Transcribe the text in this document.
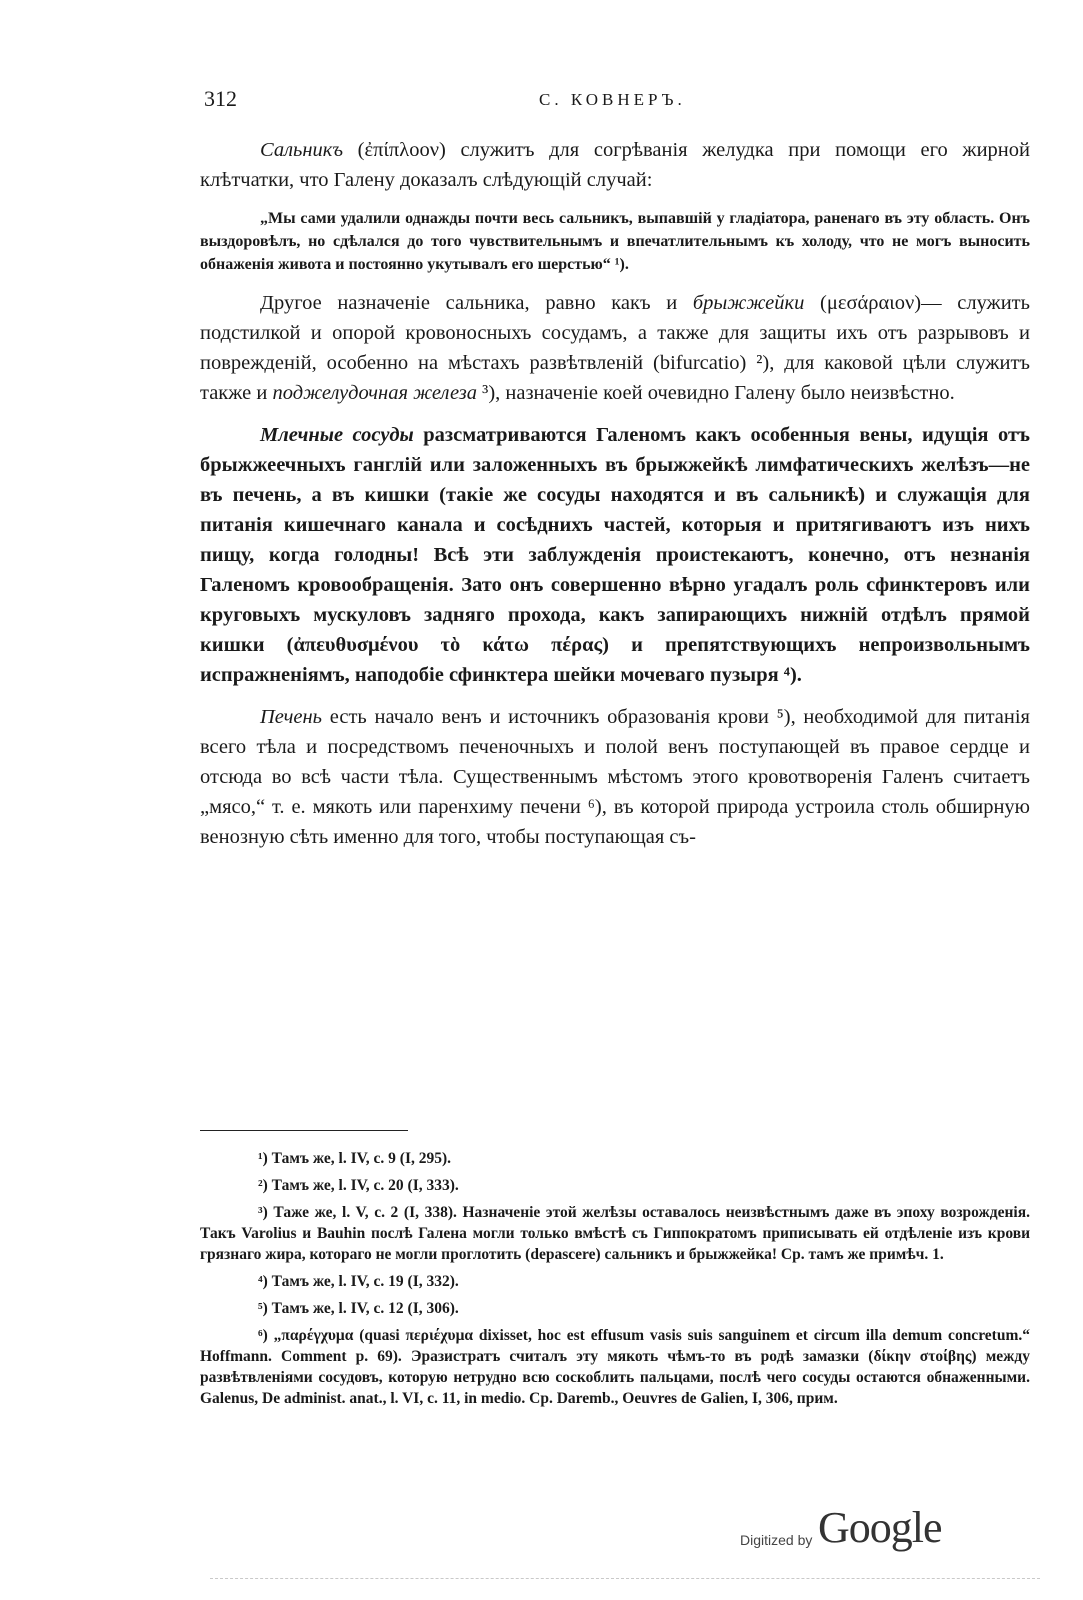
312	С. КОВНЕРЪ.

Сальникъ (ἐπίπλοον) служитъ для согрѣванія желудка при помощи его жирной клѣтчатки, что Галену доказалъ слѣдующій случай:

„Мы сами удалили однажды почти весь сальникъ, выпавшій у гладіатора, раненаго въ эту область. Онъ выздоровѣлъ, но сдѣлался до того чувствительнымъ и впечатлительнымъ къ холоду, что не могъ выносить обнаженія живота и постоянно укутывалъ его шерстью“ ¹).

Другое назначеніе сальника, равно какъ и брыжжейки (μεσάραιον)— служить подстилкой и опорой кровоносныхъ сосудамъ, а также для защиты ихъ отъ разрывовъ и поврежденій, особенно на мѣстахъ развѣтвленій (bifurcatio) ²), для каковой цѣли служитъ также и поджелудочная железа ³), назначеніе коей очевидно Галену было неизвѣстно.

Млечные сосуды разсматриваются Галеномъ какъ особенныя вены, идущія отъ брыжжеечныхъ ганглій или заложенныхъ въ брыжжейкѣ лимфатическихъ желѣзъ—не въ печень, а въ кишки (такіе же сосуды находятся и въ сальникѣ) и служащія для питанія кишечнаго канала и сосѣднихъ частей, которыя и притягиваютъ изъ нихъ пищу, когда голодны! Всѣ эти заблужденія проистекаютъ, конечно, отъ незнанія Галеномъ кровообращенія. Зато онъ совершенно вѣрно угадалъ роль сфинктеровъ или круговыхъ мускуловъ задняго прохода, какъ запирающихъ нижній отдѣлъ прямой кишки (ἀπευθυσμένου τὸ κάτω πέρας) и препятствующихъ непроизвольнымъ испражненіямъ, наподобіе сфинктера шейки мочеваго пузыря ⁴).

Печень есть начало венъ и источникъ образованія крови ⁵), необходимой для питанія всего тѣла и посредствомъ печеночныхъ и полой венъ поступающей въ правое сердце и отсюда во всѣ части тѣла. Существеннымъ мѣстомъ этого кровотворенія Галенъ считаетъ „мясо,“ т. е. мякоть или паренхиму печени ⁶), въ которой природа устроила столь обширную венозную сѣть именно для того, чтобы поступающая съ-

¹) Тамъ же, l. IV, c. 9 (I, 295).

²) Тамъ же, l. IV, c. 20 (I, 333).

³) Таже же, l. V, c. 2 (I, 338). Назначеніе этой желѣзы оставалось неизвѣстнымъ даже въ эпоху возрожденія. Такъ Varolius и Bauhin послѣ Галена могли только вмѣстѣ съ Гиппократомъ приписывать ей отдѣленіе изъ крови грязнаго жира, котораго не могли проглотить (depascere) сальникъ и брыжжейка! Ср. тамъ же примѣч. 1.

⁴) Тамъ же, l. IV, c. 19 (I, 332).

⁵) Тамъ же, l. IV, c. 12 (I, 306).

⁶) „παρέγχυμα (quasi περιέχυμα dixisset, hoc est effusum vasis suis sanguinem et circum illa demum concretum.“ Hoffmann. Comment p. 69). Эразистратъ считалъ эту мякоть чѣмъ-то въ родѣ замазки (δίκην στοίβης) между развѣтвленіями сосудовъ, которую нетрудно всю соскоблить пальцами, послѣ чего сосуды остаются обнаженными. Galenus, De administ. anat., l. VI, c. 11, in medio. Cp. Daremb., Oeuvres de Galien, I, 306, прим.

Digitized by Google
